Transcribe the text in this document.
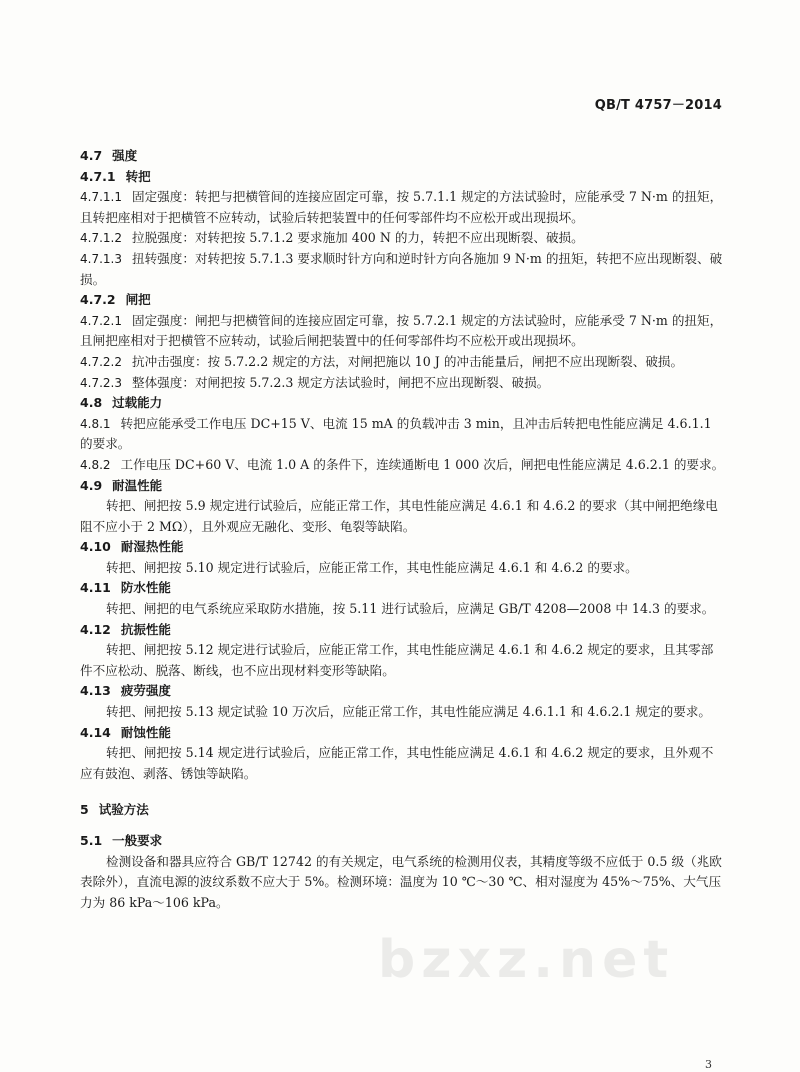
QB/T 4757－2014

4.7 强度

4.7.1 转把

4.7.1.1 固定强度：转把与把横管间的连接应固定可靠，按 5.7.1.1 规定的方法试验时，应能承受 7 N·m 的扭矩，且转把座相对于把横管不应转动，试验后转把装置中的任何零部件均不应松开或出现损坏。

4.7.1.2 拉脱强度：对转把按 5.7.1.2 要求施加 400 N 的力，转把不应出现断裂、破损。

4.7.1.3 扭转强度：对转把按 5.7.1.3 要求顺时针方向和逆时针方向各施加 9 N·m 的扭矩，转把不应出现断裂、破损。

4.7.2 闸把

4.7.2.1 固定强度：闸把与把横管间的连接应固定可靠，按 5.7.2.1 规定的方法试验时，应能承受 7 N·m 的扭矩，且闸把座相对于把横管不应转动，试验后闸把装置中的任何零部件均不应松开或出现损坏。

4.7.2.2 抗冲击强度：按 5.7.2.2 规定的方法，对闸把施以 10 J 的冲击能量后，闸把不应出现断裂、破损。

4.7.2.3 整体强度：对闸把按 5.7.2.3 规定方法试验时，闸把不应出现断裂、破损。

4.8 过载能力

4.8.1 转把应能承受工作电压 DC+15 V、电流 15 mA 的负载冲击 3 min，且冲击后转把电性能应满足 4.6.1.1 的要求。

4.8.2 工作电压 DC+60 V、电流 1.0 A 的条件下，连续通断电 1 000 次后，闸把电性能应满足 4.6.2.1 的要求。

4.9 耐温性能

转把、闸把按 5.9 规定进行试验后，应能正常工作，其电性能应满足 4.6.1 和 4.6.2 的要求（其中闸把绝缘电阻不应小于 2 MΩ），且外观应无融化、变形、龟裂等缺陷。

4.10 耐湿热性能

转把、闸把按 5.10 规定进行试验后，应能正常工作，其电性能应满足 4.6.1 和 4.6.2 的要求。

4.11 防水性能

转把、闸把的电气系统应采取防水措施，按 5.11 进行试验后，应满足 GB/T 4208—2008 中 14.3 的要求。

4.12 抗振性能

转把、闸把按 5.12 规定进行试验后，应能正常工作，其电性能应满足 4.6.1 和 4.6.2 规定的要求，且其零部件不应松动、脱落、断线，也不应出现材料变形等缺陷。

4.13 疲劳强度

转把、闸把按 5.13 规定试验 10 万次后，应能正常工作，其电性能应满足 4.6.1.1 和 4.6.2.1 规定的要求。

4.14 耐蚀性能

转把、闸把按 5.14 规定进行试验后，应能正常工作，其电性能应满足 4.6.1 和 4.6.2 规定的要求，且外观不应有鼓泡、剥落、锈蚀等缺陷。

5 试验方法

5.1 一般要求

检测设备和器具应符合 GB/T 12742 的有关规定，电气系统的检测用仪表，其精度等级不应低于 0.5 级（兆欧表除外），直流电源的波纹系数不应大于 5%。检测环境：温度为 10 ℃～30 ℃、相对湿度为 45%～75%、大气压力为 86 kPa～106 kPa。

bzxz.net
3
